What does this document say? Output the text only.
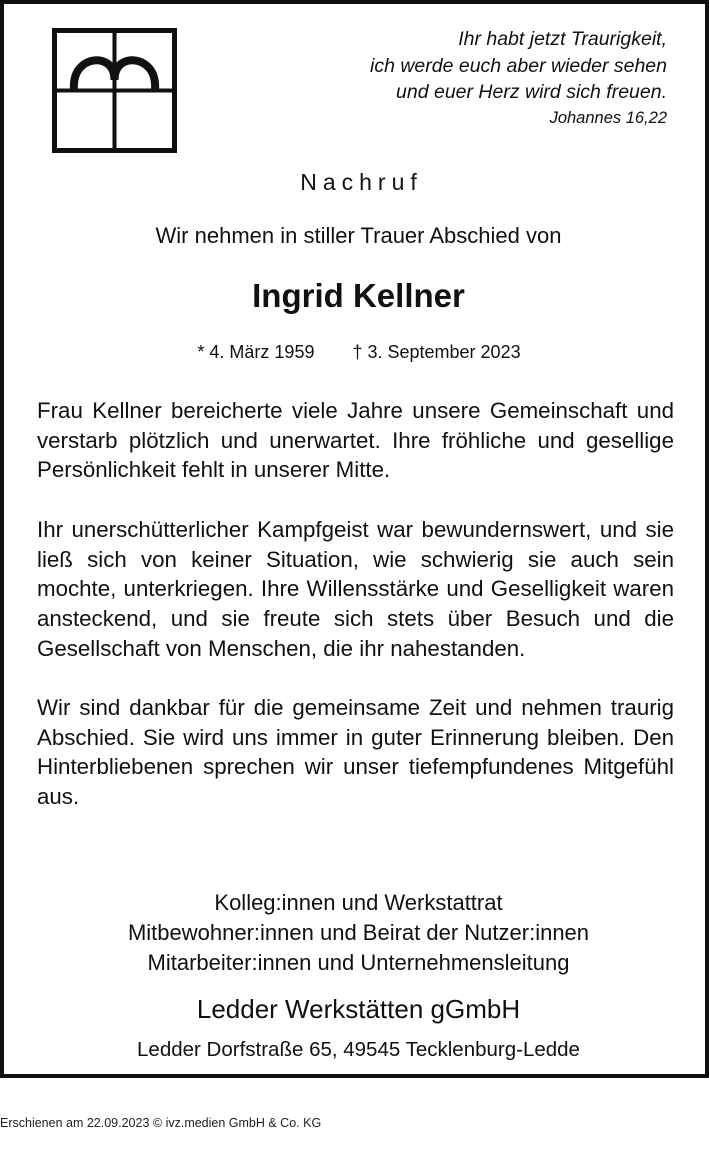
Ihr habt jetzt Traurigkeit,
ich werde euch aber wieder sehen
und euer Herz wird sich freuen.
Johannes 16,22
Nachruf
Wir nehmen in stiller Trauer Abschied von
Ingrid Kellner
* 4. März 1959 † 3. September 2023

Frau Kellner bereicherte viele Jahre unsere Gemeinschaft und verstarb plötzlich und unerwartet. Ihre fröhliche und gesellige Persönlichkeit fehlt in unserer Mitte.

Ihr unerschütterlicher Kampfgeist war bewundernswert, und sie ließ sich von keiner Situation, wie schwierig sie auch sein mochte, unterkriegen. Ihre Willensstärke und Geselligkeit waren ansteckend, und sie freute sich stets über Besuch und die Gesellschaft von Menschen, die ihr nahestanden.

Wir sind dankbar für die gemeinsame Zeit und nehmen traurig Abschied. Sie wird uns immer in guter Erinnerung bleiben. Den Hinterbliebenen sprechen wir unser tiefempfundenes Mitgefühl aus.

Kolleg:innen und Werkstattrat
Mitbewohner:innen und Beirat der Nutzer:innen
Mitarbeiter:innen und Unternehmensleitung
Ledder Werkstätten gGmbH
Ledder Dorfstraße 65, 49545 Tecklenburg-Ledde
Erschienen am 22.09.2023 © ivz.medien GmbH & Co. KG
